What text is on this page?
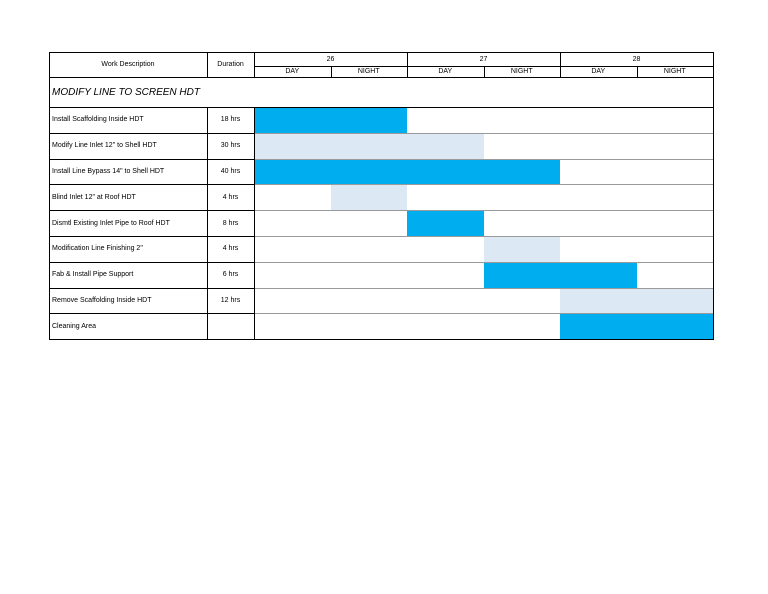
Work Description	Duration
26	27	28
DAY	NIGHT	DAY	NIGHT	DAY	NIGHT
MODIFY LINE TO SCREEN HDT
Install Scaffolding Inside HDT	18 hrs
Modify Line Inlet 12" to Shell HDT	30 hrs
Install Line Bypass 14" to Shell HDT	40 hrs
Blind Inlet 12" at Roof HDT	4 hrs
Dismtl Existing Inlet Pipe to Roof HDT	8 hrs
Modification Line Finishing 2"	4 hrs
Fab & Install Pipe Support	6 hrs
Remove Scaffolding Inside HDT	12 hrs
Cleaning Area
